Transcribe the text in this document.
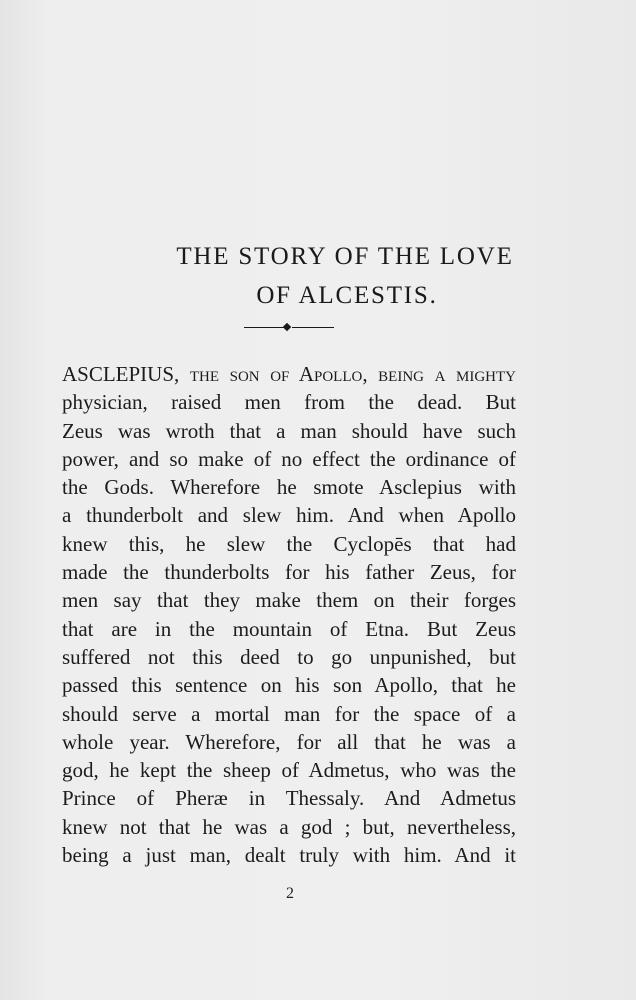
THE STORY OF THE LOVE
OF ALCESTIS.
ASCLEPIUS, the son of Apollo, being a mighty
physician, raised men from the dead. But
Zeus was wroth that a man should have such
power, and so make of no effect the ordinance of
the Gods. Wherefore he smote Asclepius with
a thunderbolt and slew him. And when Apollo
knew this, he slew the Cyclopēs that had
made the thunderbolts for his father Zeus, for
men say that they make them on their forges
that are in the mountain of Etna. But Zeus
suffered not this deed to go unpunished, but
passed this sentence on his son Apollo, that he
should serve a mortal man for the space of a
whole year. Wherefore, for all that he was a
god, he kept the sheep of Admetus, who was the
Prince of Pheræ in Thessaly. And Admetus
knew not that he was a god ; but, nevertheless,
being a just man, dealt truly with him. And it
2
